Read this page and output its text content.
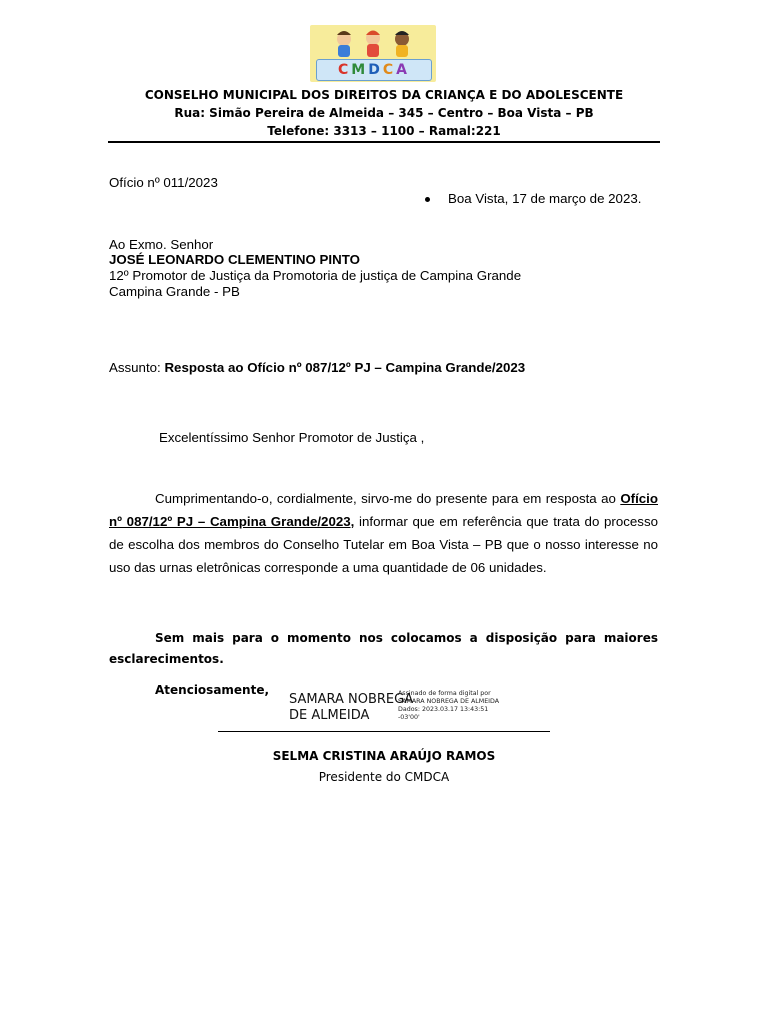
C M D C A
CONSELHO MUNICIPAL DOS DIREITOS DA CRIANÇA E DO ADOLESCENTE
Rua: Simão Pereira de Almeida – 345 – Centro – Boa Vista – PB
Telefone: 3313 – 1100 – Ramal:221
Ofício nº 011/2023
Boa Vista, 17 de março de 2023.
Ao Exmo. Senhor
JOSÉ LEONARDO CLEMENTINO PINTO
12º Promotor de Justiça da Promotoria de justiça de Campina Grande
Campina Grande - PB
Assunto: Resposta ao Ofício nº 087/12º PJ – Campina Grande/2023
Excelentíssimo Senhor Promotor de Justiça ,
Cumprimentando-o, cordialmente, sirvo-me do presente para em resposta ao Ofício nº 087/12º PJ – Campina Grande/2023, informar que em referência que trata do processo de escolha dos membros do Conselho Tutelar em Boa Vista – PB que o nosso interesse no uso das urnas eletrônicas corresponde a uma quantidade de 06 unidades.
Sem mais para o momento nos colocamos a disposição para maiores esclarecimentos.
Atenciosamente,
SAMARA NOBREGA
DE ALMEIDA
Assinado de forma digital por
SAMARA NOBREGA DE ALMEIDA
Dados: 2023.03.17 13:43:51
-03'00'
SELMA CRISTINA ARAÚJO RAMOS
Presidente do CMDCA
